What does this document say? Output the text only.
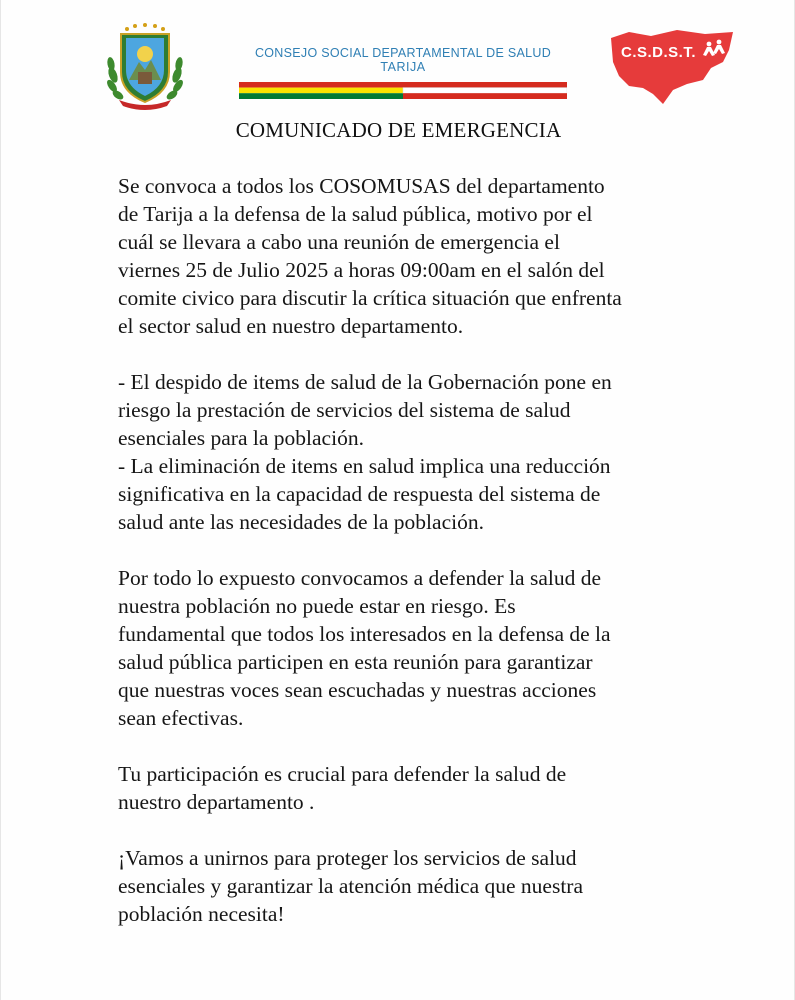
CONSEJO SOCIAL DEPARTAMENTAL DE SALUD
TARIJA
C.S.D.S.T.
COMUNICADO DE EMERGENCIA

Se convoca a todos los COSOMUSAS del departamento
de Tarija a la defensa de la salud pública, motivo por el
cuál se llevara a cabo una reunión de emergencia el
viernes 25 de Julio 2025 a horas 09:00am en el salón del
comite civico para discutir la crítica situación que enfrenta
el sector salud en nuestro departamento.

- El despido de items de salud de la Gobernación pone en
riesgo la prestación de servicios del sistema de salud
esenciales para la población.

- La eliminación de items en salud implica una reducción
significativa en la capacidad de respuesta del sistema de
salud ante las necesidades de la población.

Por todo lo expuesto convocamos a defender la salud de
nuestra población no puede estar en riesgo. Es
fundamental que todos los interesados en la defensa de la
salud pública participen en esta reunión para garantizar
que nuestras voces sean escuchadas y nuestras acciones
sean efectivas.

Tu participación es crucial para defender la salud de
nuestro departamento .

¡Vamos a unirnos para proteger los servicios de salud
esenciales y garantizar la atención médica que nuestra
población necesita!
